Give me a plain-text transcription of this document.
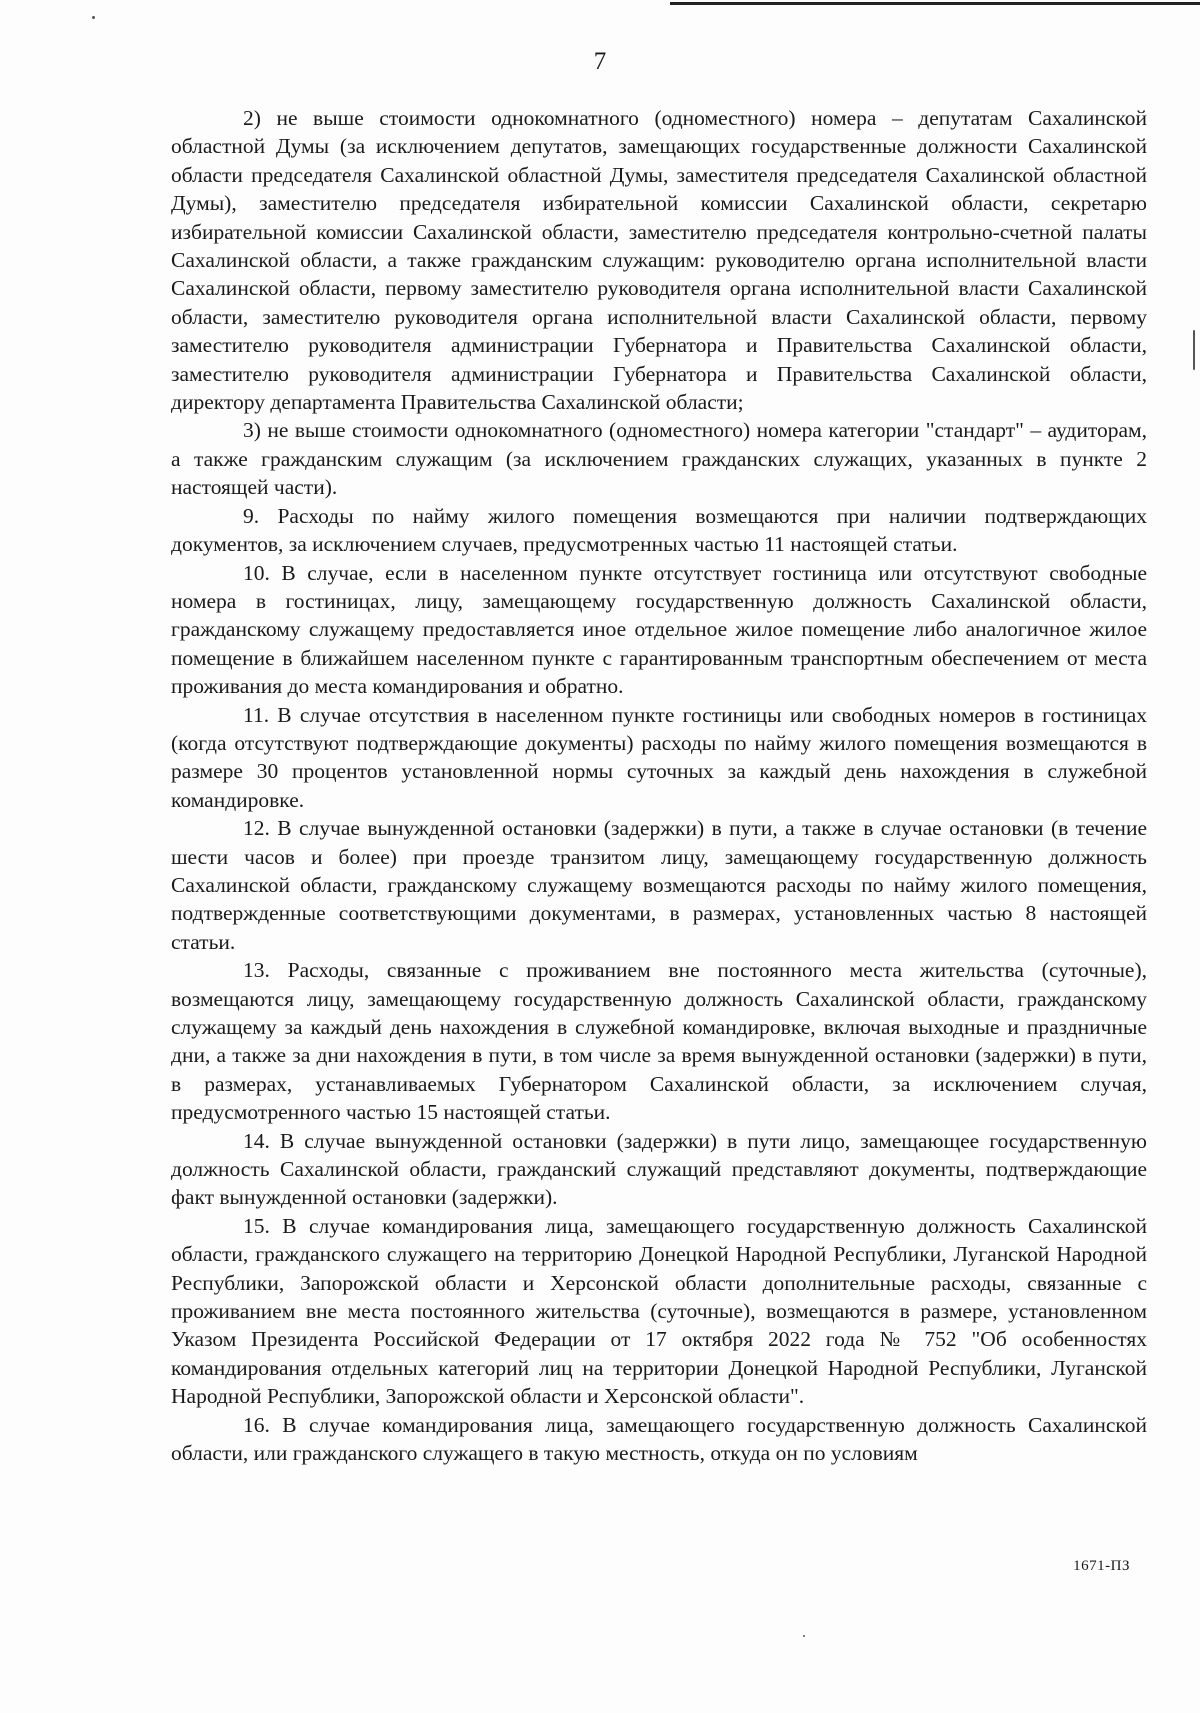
7

2) не выше стоимости однокомнатного (одноместного) номера – депутатам Сахалинской областной Думы (за исключением депутатов, замещающих государственные должности Сахалинской области председателя Сахалинской областной Думы, заместителя председателя Сахалинской областной Думы), заместителю председателя избирательной комиссии Сахалинской области, секретарю избирательной комиссии Сахалинской области, заместителю председателя контрольно-счетной палаты Сахалинской области, а также гражданским служащим: руководителю органа исполнительной власти Сахалинской области, первому заместителю руководителя органа исполнительной власти Сахалинской области, заместителю руководителя органа исполнительной власти Сахалинской области, первому заместителю руководителя администрации Губернатора и Правительства Сахалинской области, заместителю руководителя администрации Губернатора и Правительства Сахалинской области, директору департамента Правительства Сахалинской области;

3) не выше стоимости однокомнатного (одноместного) номера категории "стандарт" – аудиторам, а также гражданским служащим (за исключением гражданских служащих, указанных в пункте 2 настоящей части).

9. Расходы по найму жилого помещения возмещаются при наличии подтверждающих документов, за исключением случаев, предусмотренных частью 11 настоящей статьи.

10. В случае, если в населенном пункте отсутствует гостиница или отсутствуют свободные номера в гостиницах, лицу, замещающему государственную должность Сахалинской области, гражданскому служащему предоставляется иное отдельное жилое помещение либо аналогичное жилое помещение в ближайшем населенном пункте с гарантированным транспортным обеспечением от места проживания до места командирования и обратно.

11. В случае отсутствия в населенном пункте гостиницы или свободных номеров в гостиницах (когда отсутствуют подтверждающие документы) расходы по найму жилого помещения возмещаются в размере 30 процентов установленной нормы суточных за каждый день нахождения в служебной командировке.

12. В случае вынужденной остановки (задержки) в пути, а также в случае остановки (в течение шести часов и более) при проезде транзитом лицу, замещающему государственную должность Сахалинской области, гражданскому служащему возмещаются расходы по найму жилого помещения, подтвержденные соответствующими документами, в размерах, установленных частью 8 настоящей статьи.

13. Расходы, связанные с проживанием вне постоянного места жительства (суточные), возмещаются лицу, замещающему государственную должность Сахалинской области, гражданскому служащему за каждый день нахождения в служебной командировке, включая выходные и праздничные дни, а также за дни нахождения в пути, в том числе за время вынужденной остановки (задержки) в пути, в размерах, устанавливаемых Губернатором Сахалинской области, за исключением случая, предусмотренного частью 15 настоящей статьи.

14. В случае вынужденной остановки (задержки) в пути лицо, замещающее государственную должность Сахалинской области, гражданский служащий представляют документы, подтверждающие факт вынужденной остановки (задержки).

15. В случае командирования лица, замещающего государственную должность Сахалинской области, гражданского служащего на территорию Донецкой Народной Республики, Луганской Народной Республики, Запорожской области и Херсонской области дополнительные расходы, связанные с проживанием вне места постоянного жительства (суточные), возмещаются в размере, установленном Указом Президента Российской Федерации от 17 октября 2022 года № 752 "Об особенностях командирования отдельных категорий лиц на территории Донецкой Народной Республики, Луганской Народной Республики, Запорожской области и Херсонской области".

16. В случае командирования лица, замещающего государственную должность Сахалинской области, или гражданского служащего в такую местность, откуда он по условиям

1671-ПЗ
